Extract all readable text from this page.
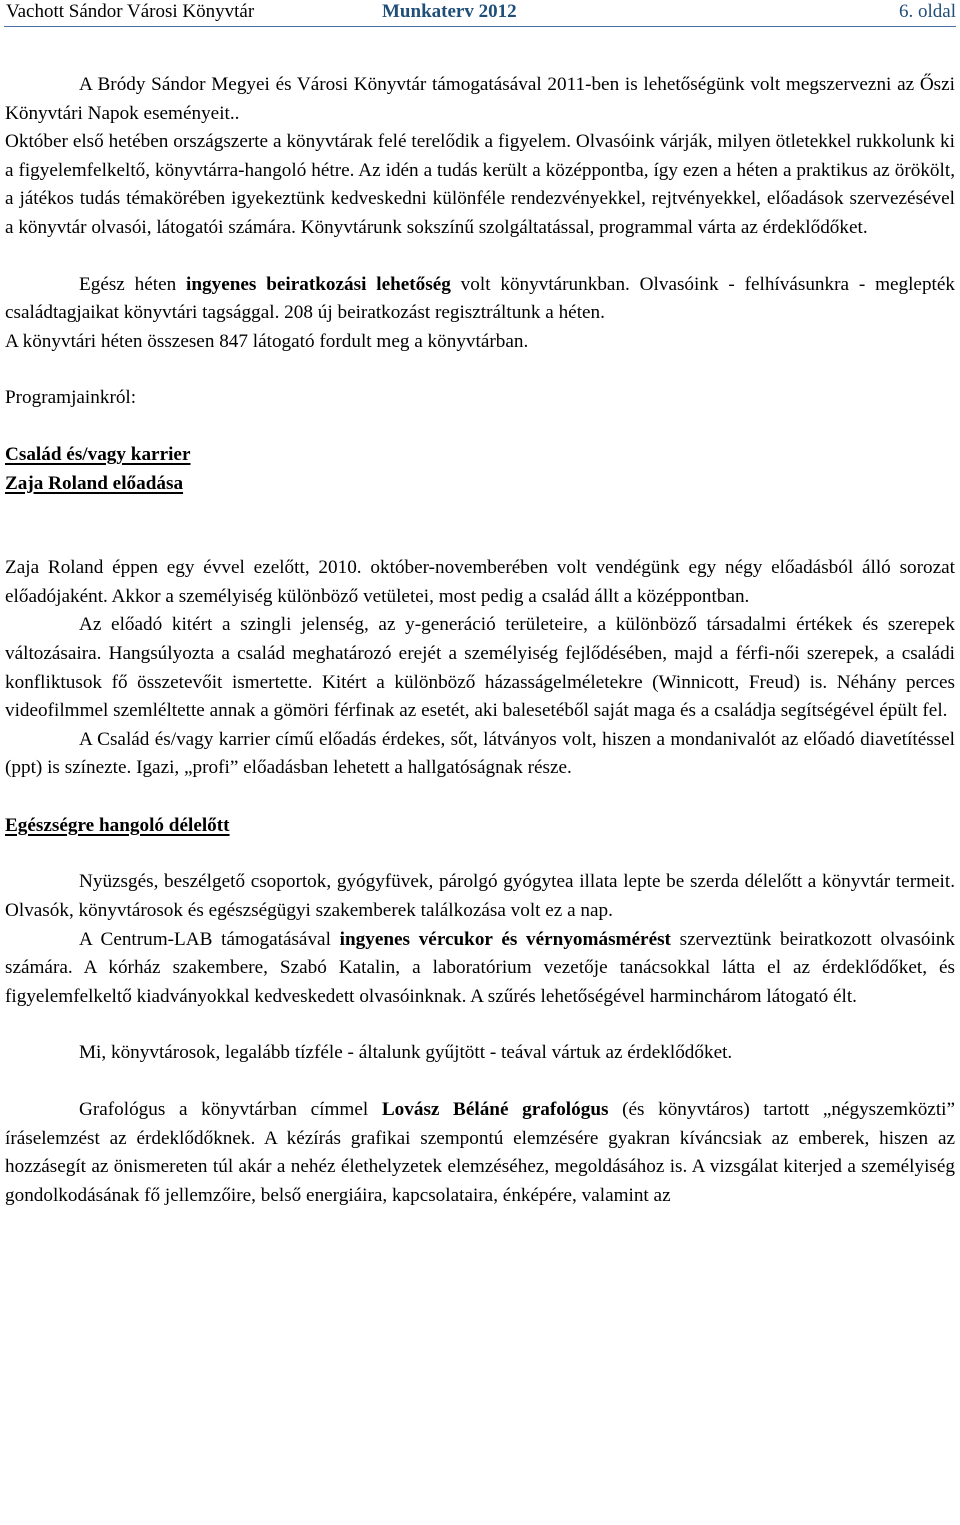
Vachott Sándor Városi Könyvtár	Munkaterv 2012	6. oldal

A Bródy Sándor Megyei és Városi Könyvtár támogatásával 2011-ben is lehetőségünk volt megszervezni az Őszi Könyvtári Napok eseményeit..

Október első hetében országszerte a könyvtárak felé terelődik a figyelem. Olvasóink várják, milyen ötletekkel rukkolunk ki a figyelemfelkeltő, könyvtárra-hangoló hétre. Az idén a tudás került a középpontba, így ezen a héten a praktikus az örökölt, a játékos tudás témakörében igyekeztünk kedveskedni különféle rendezvényekkel, rejtvényekkel, előadások szervezésével a könyvtár olvasói, látogatói számára. Könyvtárunk sokszínű szolgáltatással, programmal várta az érdeklődőket.

Egész héten ingyenes beiratkozási lehetőség volt könyvtárunkban. Olvasóink - felhívásunkra - meglepték családtagjaikat könyvtári tagsággal. 208 új beiratkozást regisztráltunk a héten.

A könyvtári héten összesen 847 látogató fordult meg a könyvtárban.

Programjainkról:

Család és/vagy karrier
Zaja Roland előadása

Zaja Roland éppen egy évvel ezelőtt, 2010. október-novemberében volt vendégünk egy négy előadásból álló sorozat előadójaként. Akkor a személyiség különböző vetületei, most pedig a család állt a középpontban.

Az előadó kitért a szingli jelenség, az y-generáció területeire, a különböző társadalmi értékek és szerepek változásaira. Hangsúlyozta a család meghatározó erejét a személyiség fejlődésében, majd a férfi-női szerepek, a családi konfliktusok fő összetevőit ismertette. Kitért a különböző házasságelméletekre (Winnicott, Freud) is. Néhány perces videofilmmel szemléltette annak a gömöri férfinak az esetét, aki balesetéből saját maga és a családja segítségével épült fel.

A Család és/vagy karrier című előadás érdekes, sőt, látványos volt, hiszen a mondanivalót az előadó diavetítéssel (ppt) is színezte. Igazi, „profi” előadásban lehetett a hallgatóságnak része.

Egészségre hangoló délelőtt

Nyüzsgés, beszélgető csoportok, gyógyfüvek, párolgó gyógytea illata lepte be szerda délelőtt a könyvtár termeit. Olvasók, könyvtárosok és egészségügyi szakemberek találkozása volt ez a nap.

A Centrum-LAB támogatásával ingyenes vércukor és vérnyomásmérést szerveztünk beiratkozott olvasóink számára. A kórház szakembere, Szabó Katalin, a laboratórium vezetője tanácsokkal látta el az érdeklődőket, és figyelemfelkeltő kiadványokkal kedveskedett olvasóinknak. A szűrés lehetőségével harminchárom látogató élt.

Mi, könyvtárosok, legalább tízféle - általunk gyűjtött - teával vártuk az érdeklődőket.

Grafológus a könyvtárban címmel Lovász Béláné grafológus (és könyvtáros) tartott „négyszemközti” íráselemzést az érdeklődőknek. A kézírás grafikai szempontú elemzésére gyakran kíváncsiak az emberek, hiszen az hozzásegít az önismereten túl akár a nehéz élethelyzetek elemzéséhez, megoldásához is. A vizsgálat kiterjed a személyiség gondolkodásának fő jellemzőire, belső energiáira, kapcsolataira, énképére, valamint az
